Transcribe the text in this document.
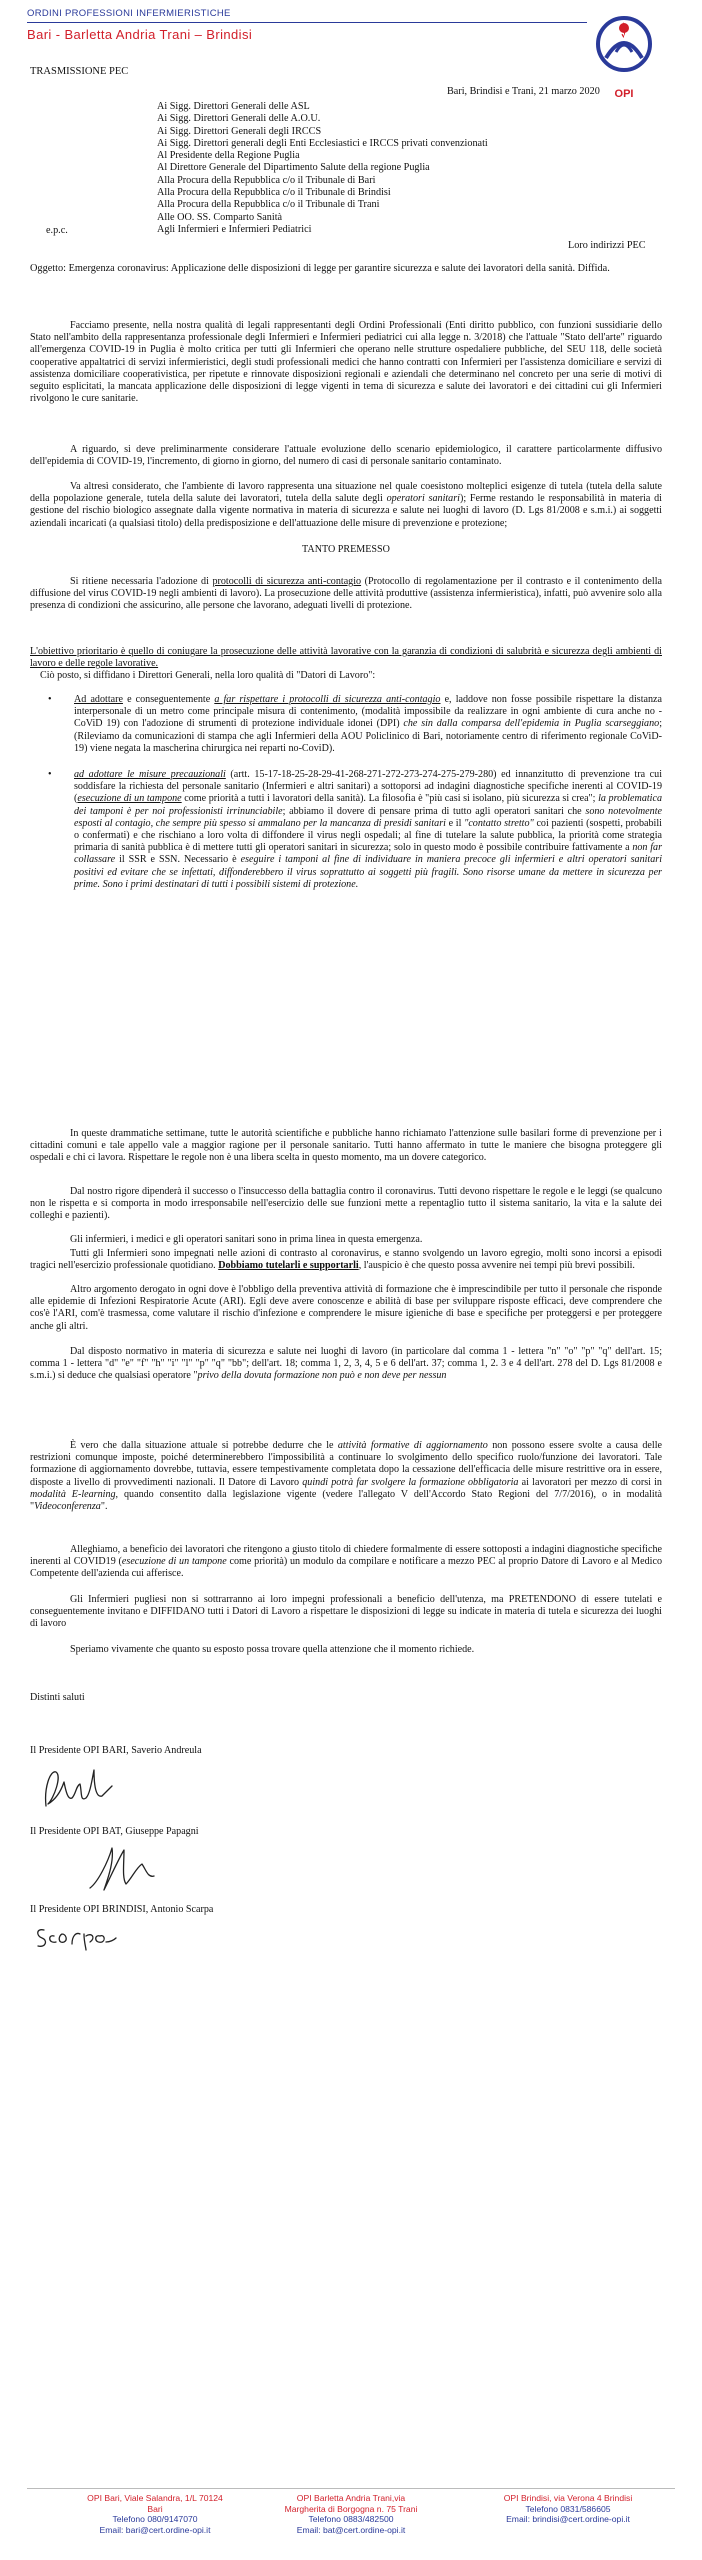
ORDINI PROFESSIONI INFERMIERISTICHE
Bari - Barletta Andria Trani – Brindisi
OPI
TRASMISSIONE PEC
Bari, Brindisi e Trani, 21 marzo 2020
Ai Sigg. Direttori Generali delle ASL
Ai Sigg. Direttori Generali delle A.O.U.
Ai Sigg. Direttori Generali degli IRCCS
Ai Sigg. Direttori generali degli Enti Ecclesiastici e IRCCS privati convenzionati
Al Presidente della Regione Puglia
Al Direttore Generale del Dipartimento Salute della regione Puglia
Alla Procura della Repubblica c/o il Tribunale di Bari
Alla Procura della Repubblica c/o il Tribunale di Brindisi
Alla Procura della Repubblica c/o il Tribunale di Trani
Alle OO. SS. Comparto Sanità
Agli Infermieri e Infermieri Pediatrici
e.p.c.
Loro indirizzi PEC
Oggetto: Emergenza coronavirus: Applicazione delle disposizioni di legge per garantire sicurezza e salute dei lavoratori della sanità. Diffida.
Facciamo presente, nella nostra qualità di legali rappresentanti degli Ordini Professionali (Enti diritto pubblico, con funzioni sussidiarie dello Stato nell'ambito della rappresentanza professionale degli Infermieri e Infermieri pediatrici cui alla legge n. 3/2018) che l'attuale "Stato dell'arte" riguardo all'emergenza COVID-19 in Puglia è molto critica per tutti gli Infermieri che operano nelle strutture ospedaliere pubbliche, del SEU 118, delle società cooperative appaltatrici di servizi infermieristici, degli studi professionali medici che hanno contratti con Infermieri per l'assistenza domiciliare e servizi di assistenza domiciliare cooperativistica, per ripetute e rinnovate disposizioni regionali e aziendali che determinano nel concreto per una serie di motivi di seguito esplicitati, la mancata applicazione delle disposizioni di legge vigenti in tema di sicurezza e salute dei lavoratori e dei cittadini cui gli Infermieri rivolgono le cure sanitarie.
A riguardo, si deve preliminarmente considerare l'attuale evoluzione dello scenario epidemiologico, il carattere particolarmente diffusivo dell'epidemia di COVID-19, l'incremento, di giorno in giorno, del numero di casi di personale sanitario contaminato.
Va altresì considerato, che l'ambiente di lavoro rappresenta una situazione nel quale coesistono molteplici esigenze di tutela (tutela della salute della popolazione generale, tutela della salute dei lavoratori, tutela della salute degli operatori sanitari); Ferme restando le responsabilità in materia di gestione del rischio biologico assegnate dalla vigente normativa in materia di sicurezza e salute nei luoghi di lavoro (D. Lgs 81/2008 e s.m.i.) ai soggetti aziendali incaricati (a qualsiasi titolo) della predisposizione e dell'attuazione delle misure di prevenzione e protezione;
TANTO PREMESSO
Si ritiene necessaria l'adozione di protocolli di sicurezza anti-contagio (Protocollo di regolamentazione per il contrasto e il contenimento della diffusione del virus COVID-19 negli ambienti di lavoro). La prosecuzione delle attività produttive (assistenza infermieristica), infatti, può avvenire solo alla presenza di condizioni che assicurino, alle persone che lavorano, adeguati livelli di protezione.
L'obiettivo prioritario è quello di coniugare la prosecuzione delle attività lavorative con la garanzia di condizioni di salubrità e sicurezza degli ambienti di lavoro e delle regole lavorative.
Ciò posto, si diffidano i Direttori Generali, nella loro qualità di "Datori di Lavoro":
• Ad adottare e conseguentemente a far rispettare i protocolli di sicurezza anti-contagio e, laddove non fosse possibile rispettare la distanza interpersonale di un metro come principale misura di contenimento, (modalità impossibile da realizzare in ogni ambiente di cura anche no - CoViD 19) con l'adozione di strumenti di protezione individuale idonei (DPI) che sin dalla comparsa dell'epidemia in Puglia scarseggiano; (Rileviamo da comunicazioni di stampa che agli Infermieri della AOU Policlinico di Bari, notoriamente centro di riferimento regionale CoViD-19) viene negata la mascherina chirurgica nei reparti no-CoviD).
• ad adottare le misure precauzionali (artt. 15-17-18-25-28-29-41-268-271-272-273-274-275-279-280) ed innanzitutto di prevenzione tra cui soddisfare la richiesta del personale sanitario (Infermieri e altri sanitari) a sottoporsi ad indagini diagnostiche specifiche inerenti al COVID-19 (esecuzione di un tampone come priorità a tutti i lavoratori della sanità). La filosofia è "più casi si isolano, più sicurezza si crea"; la problematica dei tamponi è per noi professionisti irrinunciabile; abbiamo il dovere di pensare prima di tutto agli operatori sanitari che sono notevolmente esposti al contagio, che sempre più spesso si ammalano per la mancanza di presidi sanitari e il "contatto stretto" coi pazienti (sospetti, probabili o confermati) e che rischiano a loro volta di diffondere il virus negli ospedali; al fine di tutelare la salute pubblica, la priorità come strategia primaria di sanità pubblica è di mettere tutti gli operatori sanitari in sicurezza; solo in questo modo è possibile contribuire fattivamente a non far collassare il SSR e SSN. Necessario è eseguire i tamponi al fine di individuare in maniera precoce gli infermieri e altri operatori sanitari positivi ed evitare che se infettati, diffonderebbero il virus soprattutto ai soggetti più fragili. Sono risorse umane da mettere in sicurezza per prime. Sono i primi destinatari di tutti i possibili sistemi di protezione.
In queste drammatiche settimane, tutte le autorità scientifiche e pubbliche hanno richiamato l'attenzione sulle basilari forme di prevenzione per i cittadini comuni e tale appello vale a maggior ragione per il personale sanitario. Tutti hanno affermato in tutte le maniere che bisogna proteggere gli ospedali e chi ci lavora. Rispettare le regole non è una libera scelta in questo momento, ma un dovere categorico.
Dal nostro rigore dipenderà il successo o l'insuccesso della battaglia contro il coronavirus. Tutti devono rispettare le regole e le leggi (se qualcuno non le rispetta e si comporta in modo irresponsabile nell'esercizio delle sue funzioni mette a repentaglio tutto il sistema sanitario, la vita e la salute dei colleghi e pazienti).
Gli infermieri, i medici e gli operatori sanitari sono in prima linea in questa emergenza.
Tutti gli Infermieri sono impegnati nelle azioni di contrasto al coronavirus, e stanno svolgendo un lavoro egregio, molti sono incorsi a episodi tragici nell'esercizio professionale quotidiano. Dobbiamo tutelarli e supportarli, l'auspicio è che questo possa avvenire nei tempi più brevi possibili.
Altro argomento derogato in ogni dove è l'obbligo della preventiva attività di formazione che è imprescindibile per tutto il personale che risponde alle epidemie di Infezioni Respiratorie Acute (ARI). Egli deve avere conoscenze e abilità di base per sviluppare risposte efficaci, deve comprendere che cos'è l'ARI, com'è trasmessa, come valutare il rischio d'infezione e comprendere le misure igieniche di base e specifiche per proteggersi e per proteggere anche gli altri.
Dal disposto normativo in materia di sicurezza e salute nei luoghi di lavoro (in particolare dal comma 1 - lettera "n" "o" "p" "q" dell'art. 15; comma 1 - lettera "d" "e" "f" "h" "i" "l" "p" "q" "bb"; dell'art. 18; comma 1, 2, 3, 4, 5 e 6 dell'art. 37; comma 1, 2. 3 e 4 dell'art. 278 del D. Lgs 81/2008 e s.m.i.) si deduce che qualsiasi operatore "privo della dovuta formazione non può e non deve per nessun
È vero che dalla situazione attuale si potrebbe dedurre che le attività formative di aggiornamento non possono essere svolte a causa delle restrizioni comunque imposte, poiché determinerebbero l'impossibilità a continuare lo svolgimento dello specifico ruolo/funzione dei lavoratori. Tale formazione di aggiornamento dovrebbe, tuttavia, essere tempestivamente completata dopo la cessazione dell'efficacia delle misure restrittive ora in essere, disposte a livello di provvedimenti nazionali. Il Datore di Lavoro quindi potrà far svolgere la formazione obbligatoria ai lavoratori per mezzo di corsi in modalità E-learning, quando consentito dalla legislazione vigente (vedere l'allegato V dell'Accordo Stato Regioni del 7/7/2016), o in modalità "Videoconferenza".
Alleghiamo, a beneficio dei lavoratori che ritengono a giusto titolo di chiedere formalmente di essere sottoposti a indagini diagnostiche specifiche inerenti al COVID19 (esecuzione di un tampone come priorità) un modulo da compilare e notificare a mezzo PEC al proprio Datore di Lavoro e al Medico Competente dell'azienda cui afferisce.
Gli Infermieri pugliesi non si sottrarranno ai loro impegni professionali a beneficio dell'utenza, ma PRETENDONO di essere tutelati e conseguentemente invitano e DIFFIDANO tutti i Datori di Lavoro a rispettare le disposizioni di legge su indicate in materia di tutela e sicurezza dei luoghi di lavoro
Speriamo vivamente che quanto su esposto possa trovare quella attenzione che il momento richiede.
Distinti saluti
Il Presidente OPI BARI, Saverio Andreula
Il Presidente OPI BAT, Giuseppe Papagni
Il Presidente OPI BRINDISI, Antonio Scarpa
OPI Bari, Viale Salandra, 1/L 70124
Bari
Telefono 080/9147070
Email: bari@cert.ordine-opi.it
OPI Barletta Andria Trani,via
Margherita di Borgogna n. 75 Trani
Telefono 0883/482500
Email: bat@cert.ordine-opi.it
OPI Brindisi, via Verona 4 Brindisi
Telefono 0831/586605
Email: brindisi@cert.ordine-opi.it
